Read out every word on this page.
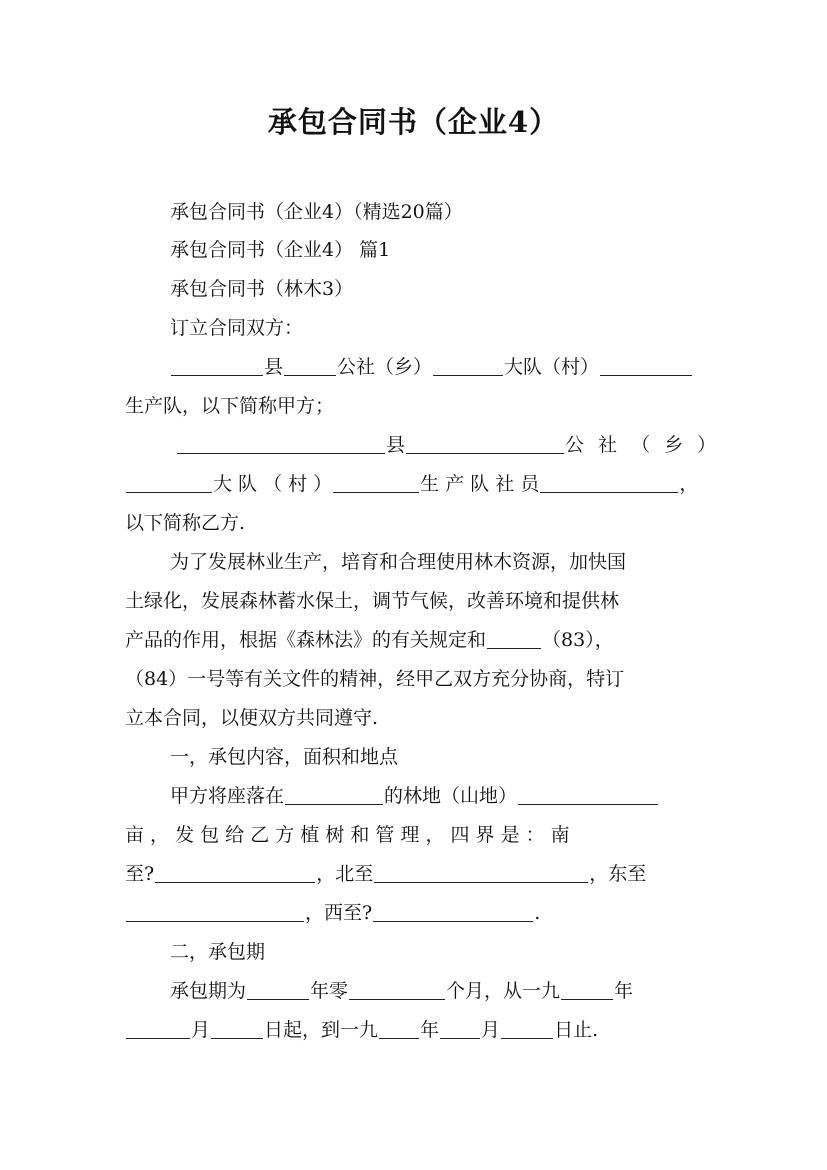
承包合同书（企业4）
承包合同书（企业4）（精选20篇）
承包合同书（企业4） 篇1
承包合同书（林木3）
订立合同双方：
县	公社（乡）	大队（村）
生产队，以下简称甲方；
县	公 社 （ 乡 ）
大 队 （ 村 ）	生 产 队 社 员	，
以下简称乙方.
为了发展林业生产，培育和合理使用林木资源，加快国
土绿化，发展森林蓄水保土，调节气候，改善环境和提供林
产品的作用，根据《森林法》的有关规定和	（83），
（84）一号等有关文件的精神，经甲乙双方充分协商，特订
立本合同，以便双方共同遵守.
一，承包内容，面积和地点
甲方将座落在	的林地（山地）
亩 ， 发 包 给 乙 方 植 树 和 管 理 ， 四 界 是 ： 南
至?	，北至	，东至
，西至?	.
二，承包期
承包期为	年零	个月，从一九	年
月	日起，到一九 年 月	日止.
